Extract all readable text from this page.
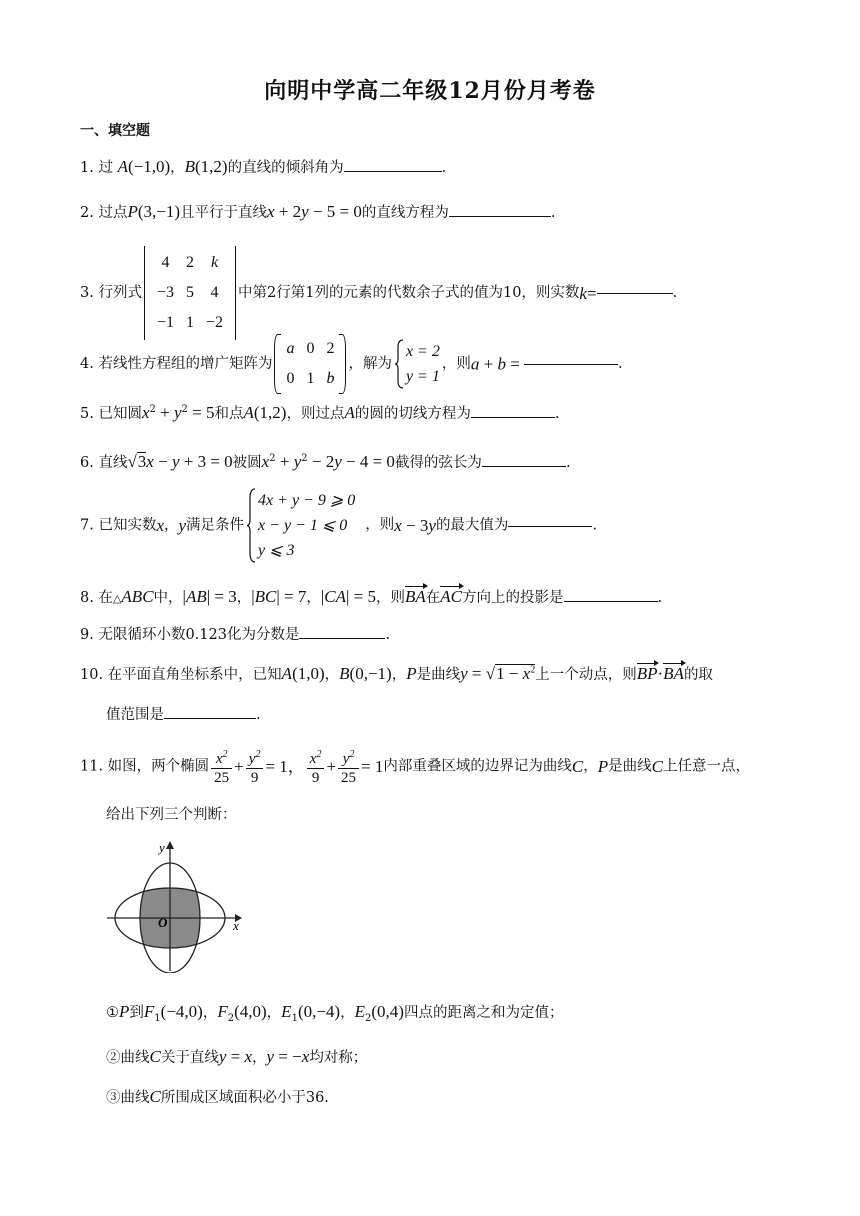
向明中学高二年级12月份月考卷
一、填空题
1. 过 A(−1,0)，B(1,2)的直线的倾斜角为	.
2. 过点P(3,−1)且平行于直线x + 2y − 5 = 0的直线方程为	.
3. 行列式
4	2	k
−3	5	4
−1	1	−2
中第2行第1列的元素的代数余子式的值为10，则实数k=	.
4. 若线性方程组的增广矩阵为
a	0	2
0	1	b
，解为
x = 2
y = 1
，则a + b =	.
5. 已知圆$x^2 + y^2 = 5$和点A(1,2)，则过点A的圆的切线方程为	.
6. 直线√3x − y + 3 = 0被圆$x^2 + y^2 - 2y - 4 = 0$截得的弦长为	.
7. 已知实数x，y满足条件
4x + y − 9 ⩾ 0
x − y − 1 ⩽ 0
y ⩽ 3
，则x − 3y的最大值为	.
8. 在△ABC中，|AB| = 3，|BC| = 7，|CA| = 5，则BA在AC方向上的投影是	.
9. 无限循环小数0.123化为分数是	.
10. 在平面直角坐标系中，已知A(1,0)，B(0,−1)，P是曲线$y = √1 - x^2$上一个动点，则BP·BA的取
值范围是	.
11. 如图，两个椭圆 $\frac{x^2}{25} + \frac{y^2}{9} = 1$， $\frac{x^2}{9} + \frac{y^2}{25} = 1$内部重叠区域的边界记为曲线C，P是曲线C上任意一点，
给出下列三个判断：
y
x
O
①P到$F_1(-4,0)$，$F_2(4,0)$，$E_1(0,-4)$，$E_2(0,4)$四点的距离之和为定值；
②曲线C关于直线y = x，y = −x均对称；
③曲线C所围成区域面积必小于36.
